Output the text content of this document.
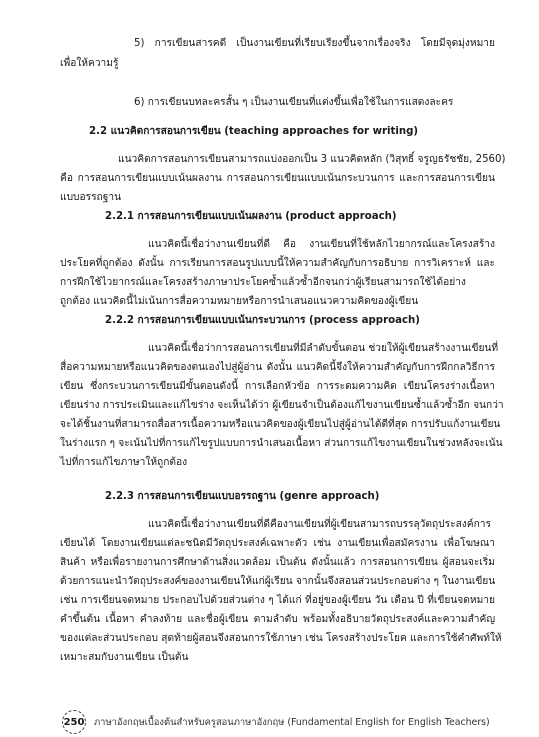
5) การเขียนสารคดี เป็นงานเขียนที่เรียบเรียงขึ้นจากเรื่องจริง โดยมีจุดมุ่งหมาย
เพื่อให้ความรู้
6) การเขียนบทละครสั้น ๆ เป็นงานเขียนที่แต่งขึ้นเพื่อใช้ในการแสดงละคร
2.2 แนวคิดการสอนการเขียน (teaching approaches for writing)
แนวคิดการสอนการเขียนสามารถแบ่งออกเป็น 3 แนวคิดหลัก (วิสุทธิ์ จรูญธรัชชัย, 2560)
คือ การสอนการเขียนแบบเน้นผลงาน การสอนการเขียนแบบเน้นกระบวนการ และการสอนการเขียน
แบบอรรถฐาน
2.2.1 การสอนการเขียนแบบเน้นผลงาน (product approach)
แนวคิดนี้เชื่อว่างานเขียนที่ดี คือ งานเขียนที่ใช้หลักไวยากรณ์และโครงสร้าง
ประโยคที่ถูกต้อง ดังนั้น การเรียนการสอนรูปแบบนี้ให้ความสำคัญกับการอธิบาย การวิเคราะห์ และ
การฝึกใช้ไวยากรณ์และโครงสร้างภาษาประโยคซ้ำแล้วซ้ำอีกจนกว่าผู้เรียนสามารถใช้ได้อย่าง
ถูกต้อง แนวคิดนี้ไม่เน้นการสื่อความหมายหรือการนำเสนอแนวความคิดของผู้เขียน
2.2.2 การสอนการเขียนแบบเน้นกระบวนการ (process approach)
แนวคิดนี้เชื่อว่าการสอนการเขียนที่มีลำดับขั้นตอน ช่วยให้ผู้เขียนสร้างงานเขียนที่
สื่อความหมายหรือแนวคิดของตนเองไปสู่ผู้อ่าน ดังนั้น แนวคิดนี้จึงให้ความสำคัญกับการฝึกกลวิธีการ
เขียน ซึ่งกระบวนการเขียนมีขั้นตอนดังนี้ การเลือกหัวข้อ การระดมความคิด เขียนโครงร่างเนื้อหา
เขียนร่าง การประเมินและแก้ไขร่าง จะเห็นได้ว่า ผู้เขียนจำเป็นต้องแก้ไขงานเขียนซ้ำแล้วซ้ำอีก จนกว่า
จะได้ชิ้นงานที่สามารถสื่อสารเนื้อความหรือแนวคิดของผู้เขียนไปสู่ผู้อ่านได้ดีที่สุด การปรับแก้งานเขียน
ในร่างแรก ๆ จะเน้นไปที่การแก้ไขรูปแบบการนำเสนอเนื้อหา ส่วนการแก้ไขงานเขียนในช่วงหลังจะเน้น
ไปที่การแก้ไขภาษาให้ถูกต้อง
2.2.3 การสอนการเขียนแบบอรรถฐาน (genre approach)
แนวคิดนี้เชื่อว่างานเขียนที่ดีคืองานเขียนที่ผู้เขียนสามารถบรรลุวัตถุประสงค์การ
เขียนได้ โดยงานเขียนแต่ละชนิดมีวัตถุประสงค์เฉพาะตัว เช่น งานเขียนเพื่อสมัครงาน เพื่อโฆษณา
สินค้า หรือเพื่อรายงานการศึกษาด้านสิ่งแวดล้อม เป็นต้น ดังนั้นแล้ว การสอนการเขียน ผู้สอนจะเริ่ม
ด้วยการแนะนำวัตถุประสงค์ของงานเขียนให้แก่ผู้เรียน จากนั้นจึงสอนส่วนประกอบต่าง ๆ ในงานเขียน
เช่น การเขียนจดหมาย ประกอบไปด้วยส่วนต่าง ๆ ได้แก่ ที่อยู่ของผู้เขียน วัน เดือน ปี ที่เขียนจดหมาย
คำขึ้นต้น เนื้อหา คำลงท้าย และชื่อผู้เขียน ตามลำดับ พร้อมทั้งอธิบายวัตถุประสงค์และความสำคัญ
ของแต่ละส่วนประกอบ สุดท้ายผู้สอนจึงสอนการใช้ภาษา เช่น โครงสร้างประโยค และการใช้คำศัพท์ให้
เหมาะสมกับงานเขียน เป็นต้น
250 ภาษาอังกฤษเบื้องต้นสำหรับครูสอนภาษาอังกฤษ (Fundamental English for English Teachers)
